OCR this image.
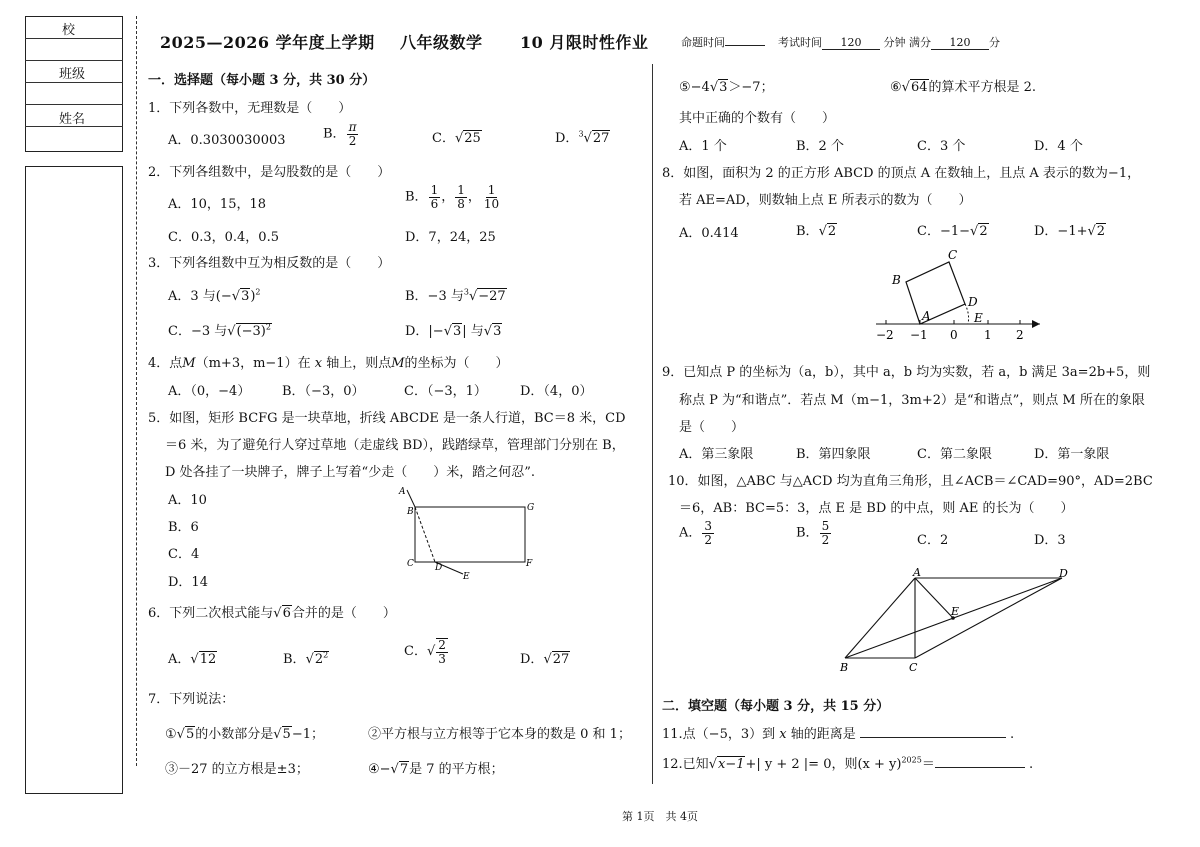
校
班级
姓名
2025—2026 学年度上学期 八年级数学 10 月限时性作业	命题时间	考试时间 120 分钟 满分 120 分
一．选择题（每小题 3 分，共 30 分）
1．下列各数中，无理数是（　　）
A．0.3030030003	B． $\frac{\pi}{2}$	C．√25	D．$^3$√27
2．下列各组数中，是勾股数的是（　　）
A．10，15，18	B． $\frac{1}{6}$ ， $\frac{1}{8}$ ， $\frac{1}{10}$
C．0.3，0.4，0.5	D．7，24，25
3．下列各组数中互为相反数的是（　　）
A．3 与$(-√3)^2$	B．−3 与$^3$√−27
C．−3 与$√(-3)^2$	D．|−√3| 与√3
4．点M（m+3，m−1）在 x 轴上，则点M的坐标为（　　）
A．（0，−4） B．（−3，0）	C．（−3，1）	D．（4，0）
5．如图，矩形 BCFG 是一块草地，折线 ABCDE 是一条人行道，BC＝8 米，CD
＝6 米，为了避免行人穿过草地（走虚线 BD），践踏绿草，管理部门分别在 B，
D 处各挂了一块牌子，牌子上写着“少走（　　）米，踏之何忍”.
A．10
B．6
C．4
D．14
A
B	G
C D	F
E
6．下列二次根式能与√6合并的是（　　）
A．√12	B．$√2^2$	C．√ $\frac{2}{3}$	D．√27
7．下列说法：
①√5的小数部分是√5−1；	②平方根与立方根等于它本身的数是 0 和 1；
③－27 的立方根是±3；	④−√7是 7 的平方根；
⑤−4√3＞−7；	⑥√64的算术平方根是 2.
其中正确的个数有（　　）
A．1 个	B．2 个	C．3 个	D．4 个
8．如图，面积为 2 的正方形 ABCD 的顶点 A 在数轴上，且点 A 表示的数为−1，
若 AE=AD，则数轴上点 E 所表示的数为（　　）
A．0.414	B．√2	C．−1−√2	D．−1+√2
C
B
D
A	E
−2 −1 0 1 2
9．已知点 P 的坐标为（a，b），其中 a，b 均为实数，若 a，b 满足 3a=2b+5，则
称点 P 为“和谐点”．若点 M（m−1，3m+2）是“和谐点”，则点 M 所在的象限
是（　　）
A．第三象限	B．第四象限	C．第二象限	D．第一象限
10．如图，△ABC 与△ACD 均为直角三角形，且∠ACB＝∠CAD=90°，AD=2BC
＝6，AB：BC=5：3，点 E 是 BD 的中点，则 AE 的长为（　　）
A． $\frac{3}{2}$	B． $\frac{5}{2}$	C．2	D．3
A	D
E
B	C
二．填空题（每小题 3 分，共 15 分）
11.点（−5，3）到 x 轴的距离是	.
12.已知√x−1+| y + 2 |= 0，则$(x + y)^{2025}=$	.
第 1页　共 4页
